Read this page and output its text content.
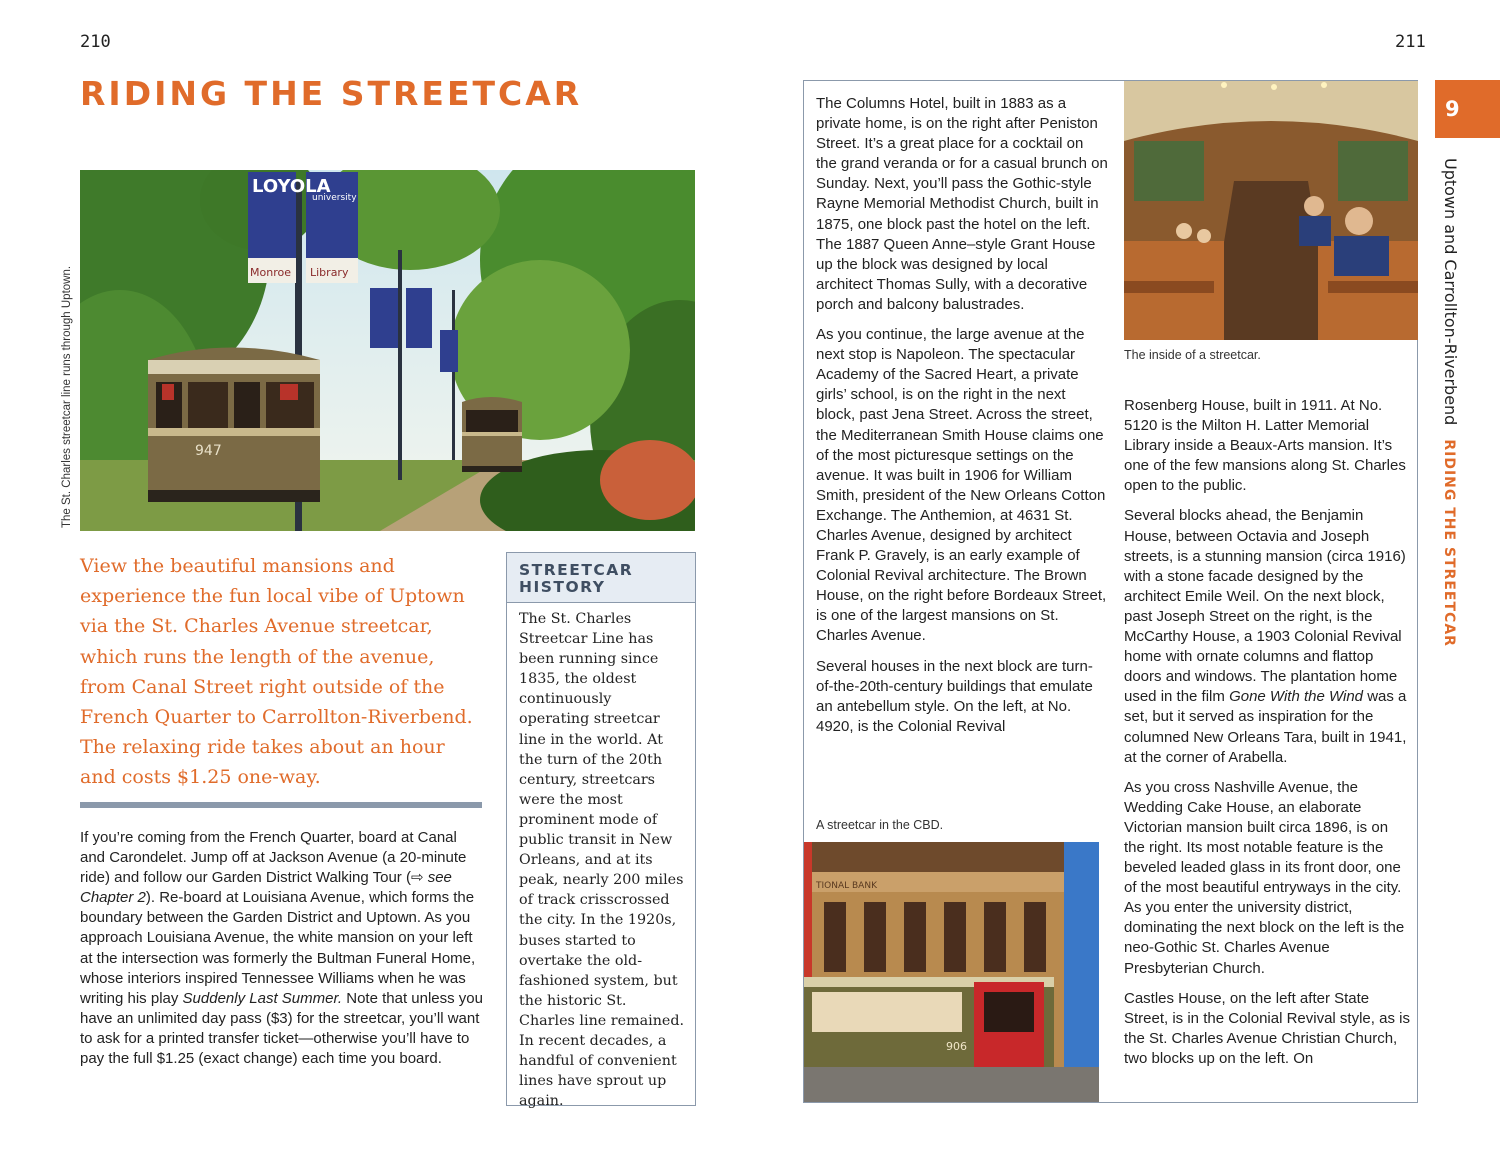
210
RIDING THE STREETCAR
The St. Charles streetcar line runs through Uptown.
LOYOLA
university
Monroe Library
947

View the beautiful mansions and experience the fun local vibe of Uptown via the St. Charles Avenue streetcar, which runs the length of the avenue, from Canal Street right outside of the French Quarter to Carrollton-Riverbend. The relaxing ride takes about an hour and costs $1.25 one-way.

If you’re coming from the French Quarter, board at Canal and Carondelet. Jump off at Jackson Avenue (a 20-minute ride) and follow our Garden District Walking Tour (⇨ see Chapter 2). Re-board at Louisiana Avenue, which forms the boundary between the Garden District and Uptown. As you approach Louisiana Avenue, the white mansion on your left at the intersection was formerly the Bultman Funeral Home, whose interiors inspired Tennessee Williams when he was writing his play Suddenly Last Summer. Note that unless you have an unlimited day pass ($3) for the streetcar, you’ll want to ask for a printed transfer ticket—otherwise you’ll have to pay the full $1.25 (exact change) each time you board.

STREETCAR HISTORY
The St. Charles Streetcar Line has been running since 1835, the oldest continuously operating streetcar line in the world. At the turn of the 20th century, streetcars were the most prominent mode of public transit in New Orleans, and at its peak, nearly 200 miles of track crisscrossed the city. In the 1920s, buses started to overtake the old-fashioned system, but the historic St. Charles line remained. In recent decades, a handful of convenient lines have sprout up again.
211

The Columns Hotel, built in 1883 as a private home, is on the right after Peniston Street. It’s a great place for a cocktail on the grand veranda or for a casual brunch on Sunday. Next, you’ll pass the Gothic-style Rayne Memorial Methodist Church, built in 1875, one block past the hotel on the left. The 1887 Queen Anne–style Grant House up the block was designed by local architect Thomas Sully, with a decorative porch and balcony balustrades.

As you continue, the large avenue at the next stop is Napoleon. The spectacular Academy of the Sacred Heart, a private girls’ school, is on the right in the next block, past Jena Street. Across the street, the Mediterranean Smith House claims one of the most picturesque settings on the avenue. It was built in 1906 for William Smith, president of the New Orleans Cotton Exchange. The Anthemion, at 4631 St. Charles Avenue, designed by architect Frank P. Gravely, is an early example of Colonial Revival architecture. The Brown House, on the right before Bordeaux Street, is one of the largest mansions on St. Charles Avenue.

Several houses in the next block are turn-of-the-20th-century buildings that emulate an antebellum style. On the left, at No. 4920, is the Colonial Revival

A streetcar in the CBD.
TIONAL BANK
906
The inside of a streetcar.

Rosenberg House, built in 1911. At No. 5120 is the Milton H. Latter Memorial Library inside a Beaux-Arts mansion. It’s one of the few mansions along St. Charles open to the public.

Several blocks ahead, the Benjamin House, between Octavia and Joseph streets, is a stunning mansion (circa 1916) with a stone facade designed by the architect Emile Weil. On the next block, past Joseph Street on the right, is the McCarthy House, a 1903 Colonial Revival home with ornate columns and flattop doors and windows. The plantation home used in the film Gone With the Wind was a set, but it served as inspiration for the columned New Orleans Tara, built in 1941, at the corner of Arabella.

As you cross Nashville Avenue, the Wedding Cake House, an elaborate Victorian mansion built circa 1896, is on the right. Its most notable feature is the beveled leaded glass in its front door, one of the most beautiful entryways in the city. As you enter the university district, dominating the next block on the left is the neo-Gothic St. Charles Avenue Presbyterian Church.

Castles House, on the left after State Street, is in the Colonial Revival style, as is the St. Charles Avenue Christian Church, two blocks up on the left. On

9
Uptown and Carrollton-RiverbendRIDING THE STREETCAR
